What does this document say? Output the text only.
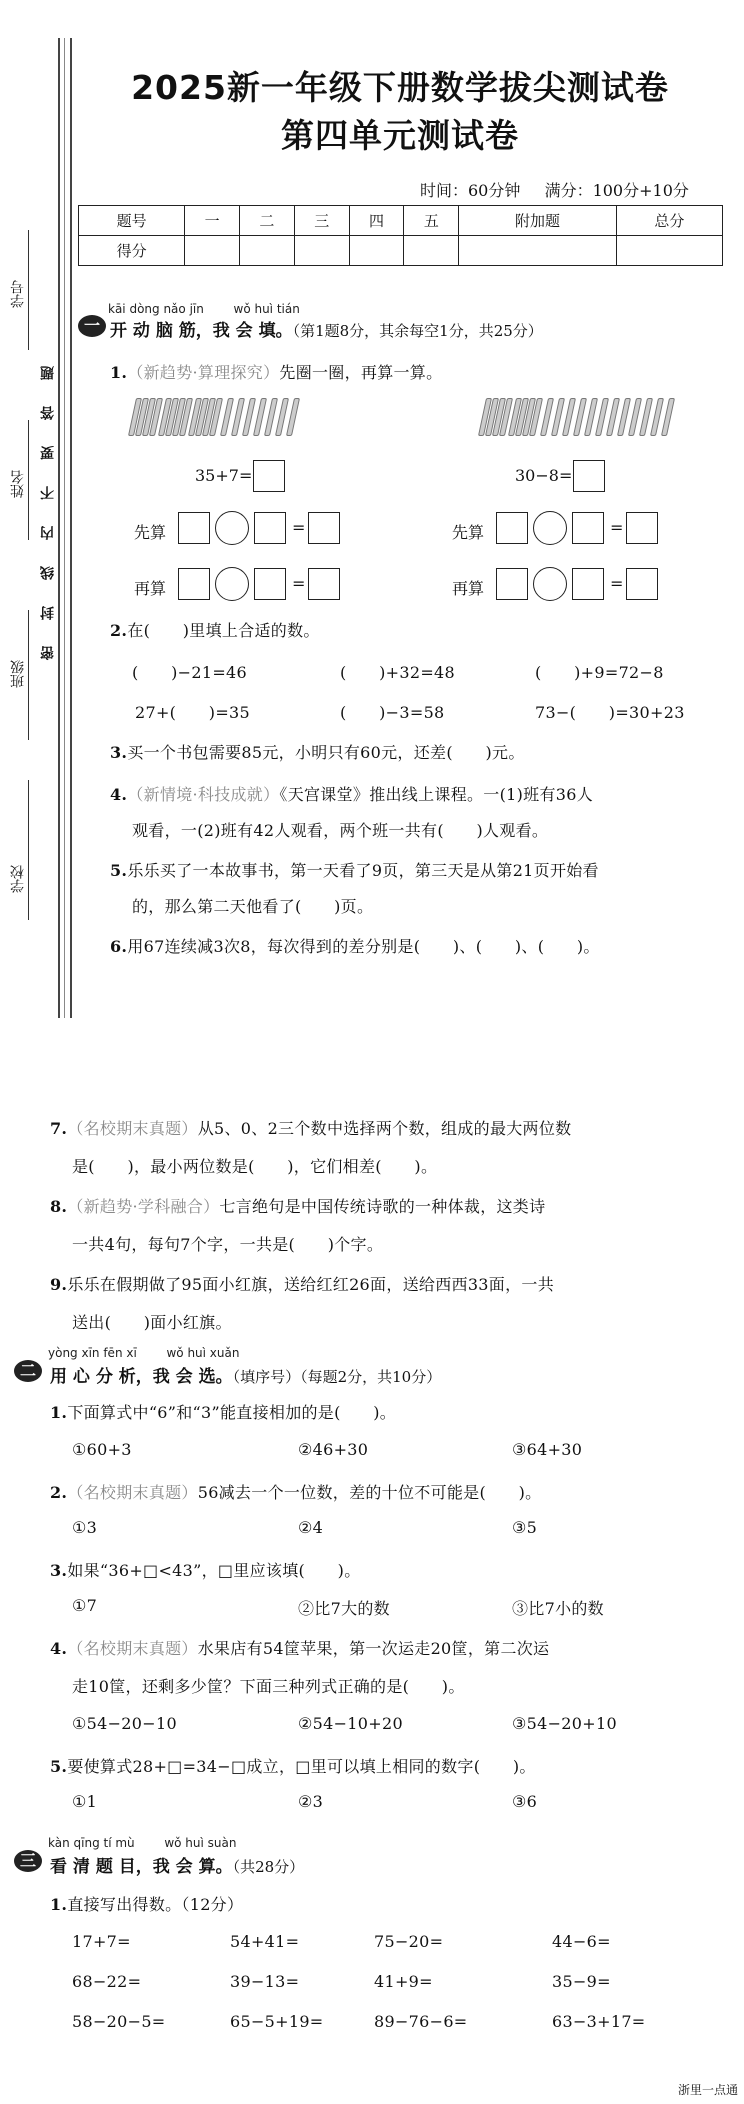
2025新一年级下册数学拔尖测试卷
第四单元测试卷
时间：60分钟 满分：100分+10分
题号	一	二	三	四	五	附加题	总分
得分							
学号
姓名
班级
学校
密　封　线　内　不　要　答　题
kāi dòng nǎo jīn wǒ huì tián
一 开 动 脑 筋，我 会 填。（第1题8分，其余每空1分，共25分）
1.（新趋势·算理探究）先圈一圈，再算一算。
35+7=	30−8=
先算	=	先算	=
再算	=	再算	=
2.在(　　)里填上合适的数。
(　　)−21=46	(　　)+32=48	(　　)+9=72−8
27+(　　)=35	(　　)−3=58	73−(　　)=30+23
3.买一个书包需要85元，小明只有60元，还差(　　)元。
4.（新情境·科技成就）《天宫课堂》推出线上课程。一(1)班有36人
观看，一(2)班有42人观看，两个班一共有(　　)人观看。
5.乐乐买了一本故事书，第一天看了9页，第三天是从第21页开始看
的，那么第二天他看了(　　)页。
6.用67连续减3次8，每次得到的差分别是(　　)、(　　)、(　　)。
7.（名校期末真题）从5、0、2三个数中选择两个数，组成的最大两位数
是(　　)，最小两位数是(　　)，它们相差(　　)。
8.（新趋势·学科融合）七言绝句是中国传统诗歌的一种体裁，这类诗
一共4句，每句7个字，一共是(　　)个字。
9.乐乐在假期做了95面小红旗，送给红红26面，送给西西33面，一共
送出(　　)面小红旗。
yòng xīn fēn xī wǒ huì xuǎn
二 用 心 分 析，我 会 选。（填序号）（每题2分，共10分）
1.下面算式中“6”和“3”能直接相加的是(　　)。
①60+3	②46+30	③64+30
2.（名校期末真题）56减去一个一位数，差的十位不可能是(　　)。
①3	②4	③5
3.如果“36+□<43”，□里应该填(　　)。
①7	②比7大的数	③比7小的数
4.（名校期末真题）水果店有54筐苹果，第一次运走20筐，第二次运
走10筐，还剩多少筐？下面三种列式正确的是(　　)。
①54−20−10	②54−10+20	③54−20+10
5.要使算式28+□=34−□成立，□里可以填上相同的数字(　　)。
①1	②3	③6
kàn qīng tí mù wǒ huì suàn
三 看 清 题 目，我 会 算。（共28分）
1.直接写出得数。（12分）
17+7=	54+41=	75−20=	44−6=
68−22=	39−13=	41+9=	35−9=
58−20−5=	65−5+19=	89−76−6=	63−3+17=
浙里一点通
